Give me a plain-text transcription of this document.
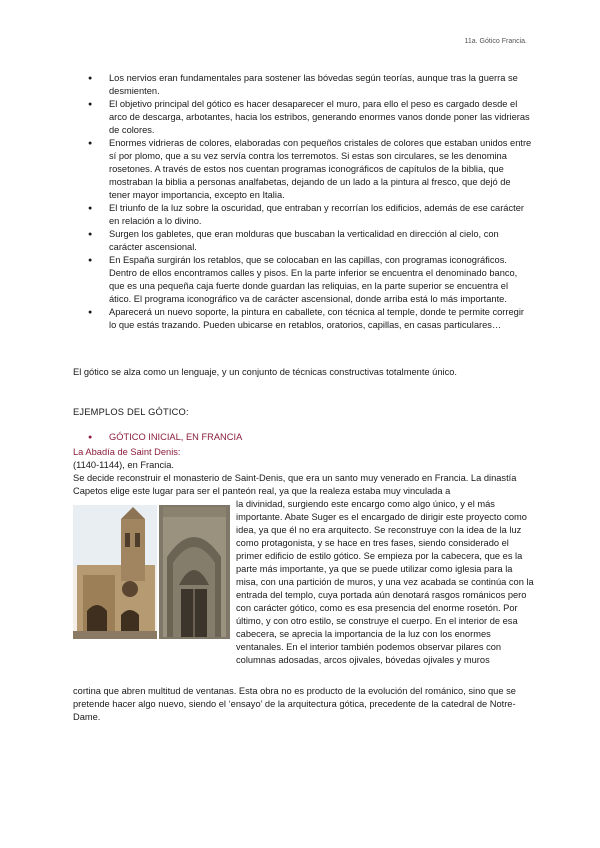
11a. Gótico Francia.
● Los nervios eran fundamentales para sostener las bóvedas según teorías, aunque tras la guerra se desmienten.
● El objetivo principal del gótico es hacer desaparecer el muro, para ello el peso es cargado desde el arco de descarga, arbotantes, hacia los estribos, generando enormes vanos donde poner las vidrieras de colores.
● Enormes vidrieras de colores, elaboradas con pequeños cristales de colores que estaban unidos entre sí por plomo, que a su vez servía contra los terremotos. Si estas son circulares, se les denomina rosetones. A través de estos nos cuentan programas iconográficos de capítulos de la biblia, que mostraban la biblia a personas analfabetas, dejando de un lado a la pintura al fresco, que dejó de tener mayor importancia, excepto en Italia.
● El triunfo de la luz sobre la oscuridad, que entraban y recorrían los edificios, además de ese carácter en relación a lo divino.
● Surgen los gabletes, que eran molduras que buscaban la verticalidad en dirección al cielo, con carácter ascensional.
● En España surgirán los retablos, que se colocaban en las capillas, con programas iconográficos. Dentro de ellos encontramos calles y pisos. En la parte inferior se encuentra el denominado banco, que es una pequeña caja fuerte donde guardan las reliquias, en la parte superior se encuentra el ático. El programa iconográfico va de carácter ascensional, donde arriba está lo más importante.
● Aparecerá un nuevo soporte, la pintura en caballete, con técnica al temple, donde te permite corregir lo que estás trazando. Pueden ubicarse en retablos, oratorios, capillas, en casas particulares…
El gótico se alza como un lenguaje, y un conjunto de técnicas constructivas totalmente único.
EJEMPLOS DEL GÓTICO:
● GÓTICO INICIAL, EN FRANCIA
La Abadía de Saint Denis:
(1140-1144), en Francia.
Se decide reconstruir el monasterio de Saint-Denis, que era un santo muy venerado en Francia. La dinastía Capetos elige este lugar para ser el panteón real, ya que la realeza estaba muy vinculada a
la divinidad, surgiendo este encargo como algo único, y el más importante. Abate Suger es el encargado de dirigir este proyecto como idea, ya que él no era arquitecto. Se reconstruye con la idea de la luz como protagonista, y se hace en tres fases, siendo considerado el primer edificio de estilo gótico. Se empieza por la cabecera, que es la parte más importante, ya que se puede utilizar como iglesia para la misa, con una partición de muros, y una vez acabada se continúa con la entrada del templo, cuya portada aún denotará rasgos románicos pero con carácter gótico, como es esa presencia del enorme rosetón. Por último, y con otro estilo, se construye el cuerpo. En el interior de esa cabecera, se aprecia la importancia de la luz con los enormes ventanales. En el interior también podemos observar pilares con columnas adosadas, arcos ojivales, bóvedas ojivales y muros
cortina que abren multitud de ventanas. Esta obra no es producto de la evolución del románico, sino que se pretende hacer algo nuevo, siendo el ‘ensayo’ de la arquitectura gótica, precedente de la catedral de Notre-Dame.
